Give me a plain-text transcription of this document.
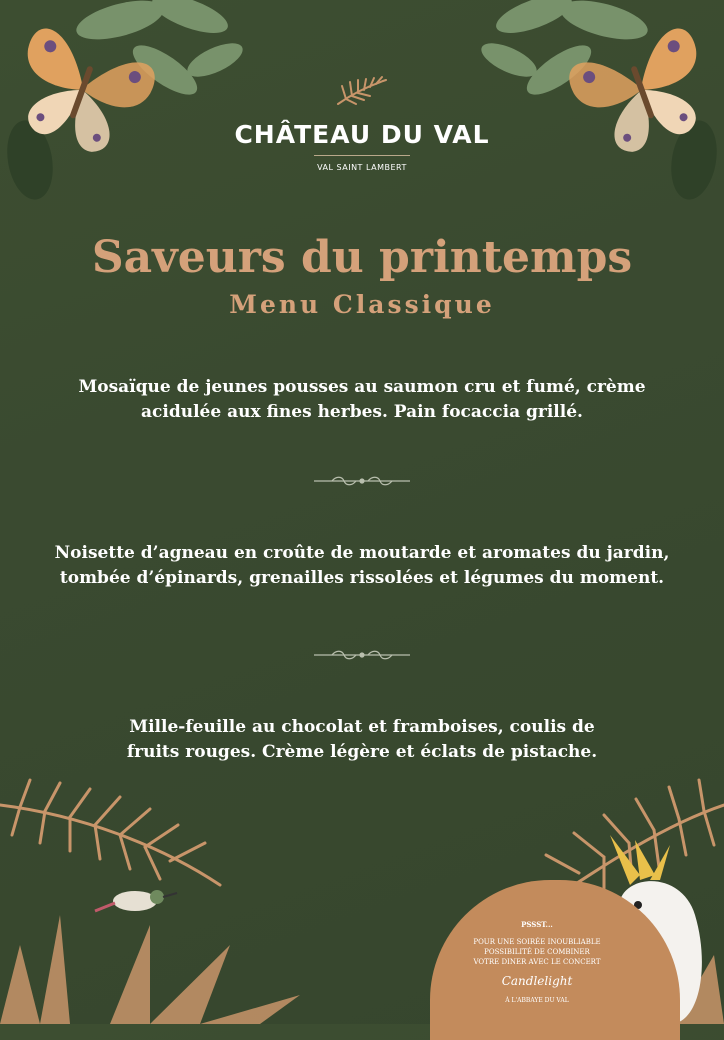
CHÂTEAU DU VAL
VAL SAINT LAMBERT
Saveurs du printemps
Menu Classique
Mosaïque de jeunes pousses au saumon cru et fumé, crème
acidulée aux fines herbes. Pain focaccia grillé.
Noisette d’agneau en croûte de moutarde et aromates du jardin,
tombée d’épinards, grenailles rissolées et légumes du moment.
Mille-feuille au chocolat et framboises, coulis de
fruits rouges. Crème légère et éclats de pistache.
PSSST...
POUR UNE SOIRÉE INOUBLIABLE
POSSIBILITÉ DE COMBINER
VOTRE DINER AVEC LE CONCERT
Candlelight
À L'ABBAYE DU VAL
